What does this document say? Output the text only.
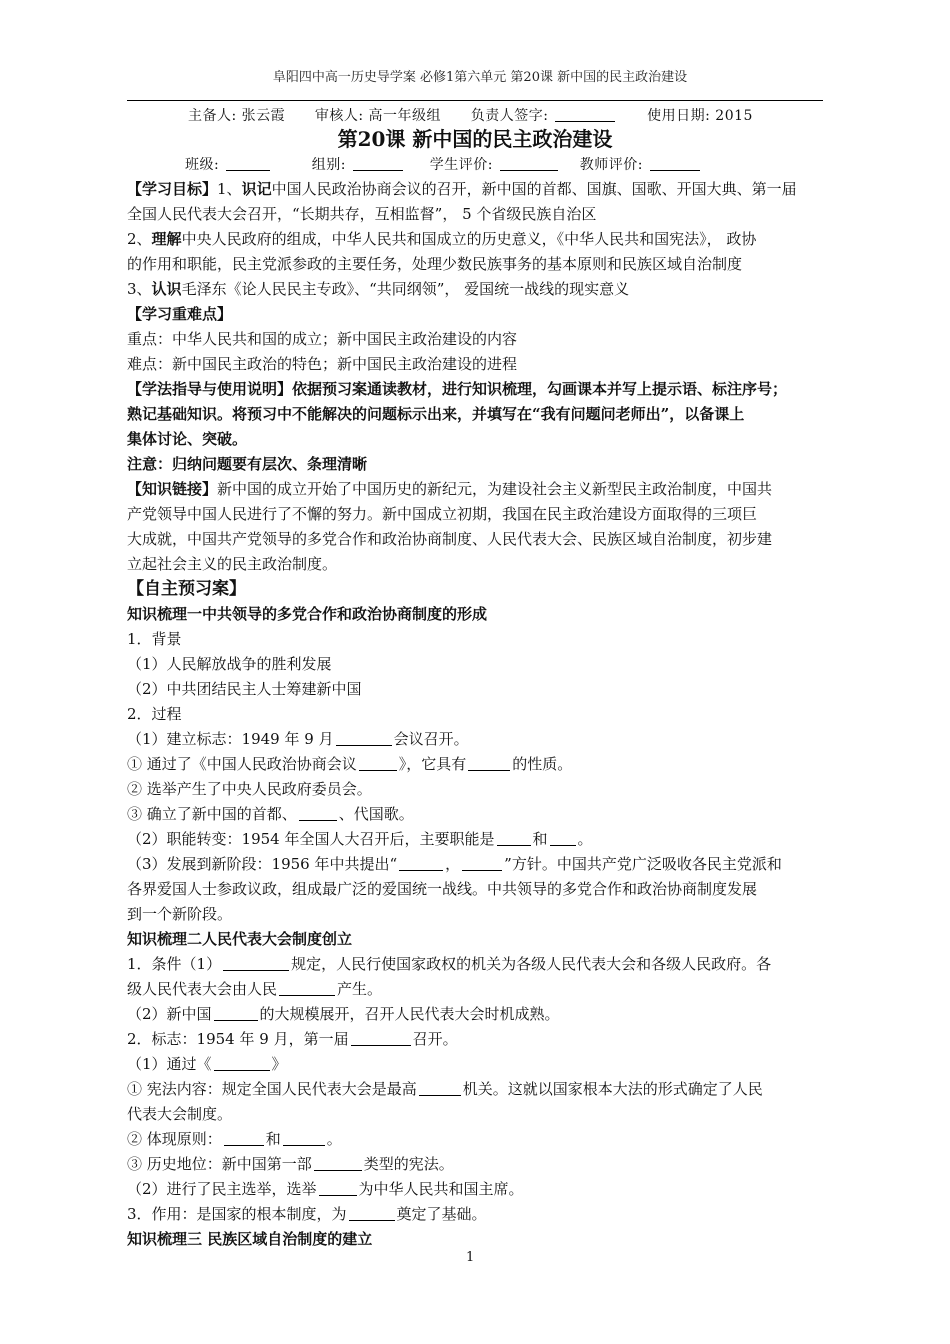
阜阳四中高一历史导学案 必修1第六单元 第20课 新中国的民主政治建设
主备人: 张云霞 审核人: 高一年级组 负责人签字:	使用日期: 2015
第20课 新中国的民主政治建设
班级:	组别:	学生评价:	教师评价:
【学习目标】1、识记中国人民政治协商会议的召开，新中国的首都、国旗、国歌、开国大典、第一届
全国人民代表大会召开，“长期共存，互相监督”， 5 个省级民族自治区
2、理解中央人民政府的组成，中华人民共和国成立的历史意义，《中华人民共和国宪法》， 政协
的作用和职能，民主党派参政的主要任务，处理少数民族事务的基本原则和民族区域自治制度
3、认识毛泽东《论人民民主专政》、“共同纲领”， 爱国统一战线的现实意义
【学习重难点】
重点：中华人民共和国的成立；新中国民主政治建设的内容
难点：新中国民主政治的特色；新中国民主政治建设的进程
【学法指导与使用说明】依据预习案通读教材，进行知识梳理，勾画课本并写上提示语、标注序号；
熟记基础知识。将预习中不能解决的问题标示出来，并填写在“我有问题问老师出”，以备课上
集体讨论、突破。
注意：归纳问题要有层次、条理清晰
【知识链接】新中国的成立开始了中国历史的新纪元，为建设社会主义新型民主政治制度，中国共
产党领导中国人民进行了不懈的努力。新中国成立初期，我国在民主政治建设方面取得的三项巨
大成就，中国共产党领导的多党合作和政治协商制度、人民代表大会、民族区域自治制度，初步建
立起社会主义的民主政治制度。
【自主预习案】
知识梳理一中共领导的多党合作和政治协商制度的形成
1．背景
（1）人民解放战争的胜利发展
（2）中共团结民主人士筹建新中国
2．过程
（1）建立标志：1949 年 9 月	会议召开。
① 通过了《中国人民政治协商会议	》，它具有	的性质。
② 选举产生了中央人民政府委员会。
③ 确立了新中国的首都、	、代国歌。
（2）职能转变：1954 年全国人大召开后，主要职能是	和 。
（3）发展到新阶段：1956 年中共提出“	，	”方针。中国共产党广泛吸收各民主党派和
各界爱国人士参政议政，组成最广泛的爱国统一战线。中共领导的多党合作和政治协商制度发展
到一个新阶段。
知识梳理二人民代表大会制度创立
1．条件（1）	规定，人民行使国家政权的机关为各级人民代表大会和各级人民政府。各
级人民代表大会由人民	产生。
（2）新中国	的大规模展开，召开人民代表大会时机成熟。
2．标志：1954 年 9 月，第一届	召开。
（1）通过《	》
① 宪法内容：规定全国人民代表大会是最高	机关。这就以国家根本大法的形式确定了人民
代表大会制度。
② 体现原则：	和	。
③ 历史地位：新中国第一部	类型的宪法。
（2）进行了民主选举，选举	为中华人民共和国主席。
3．作用：是国家的根本制度，为	奠定了基础。
知识梳理三 民族区域自治制度的建立
1
